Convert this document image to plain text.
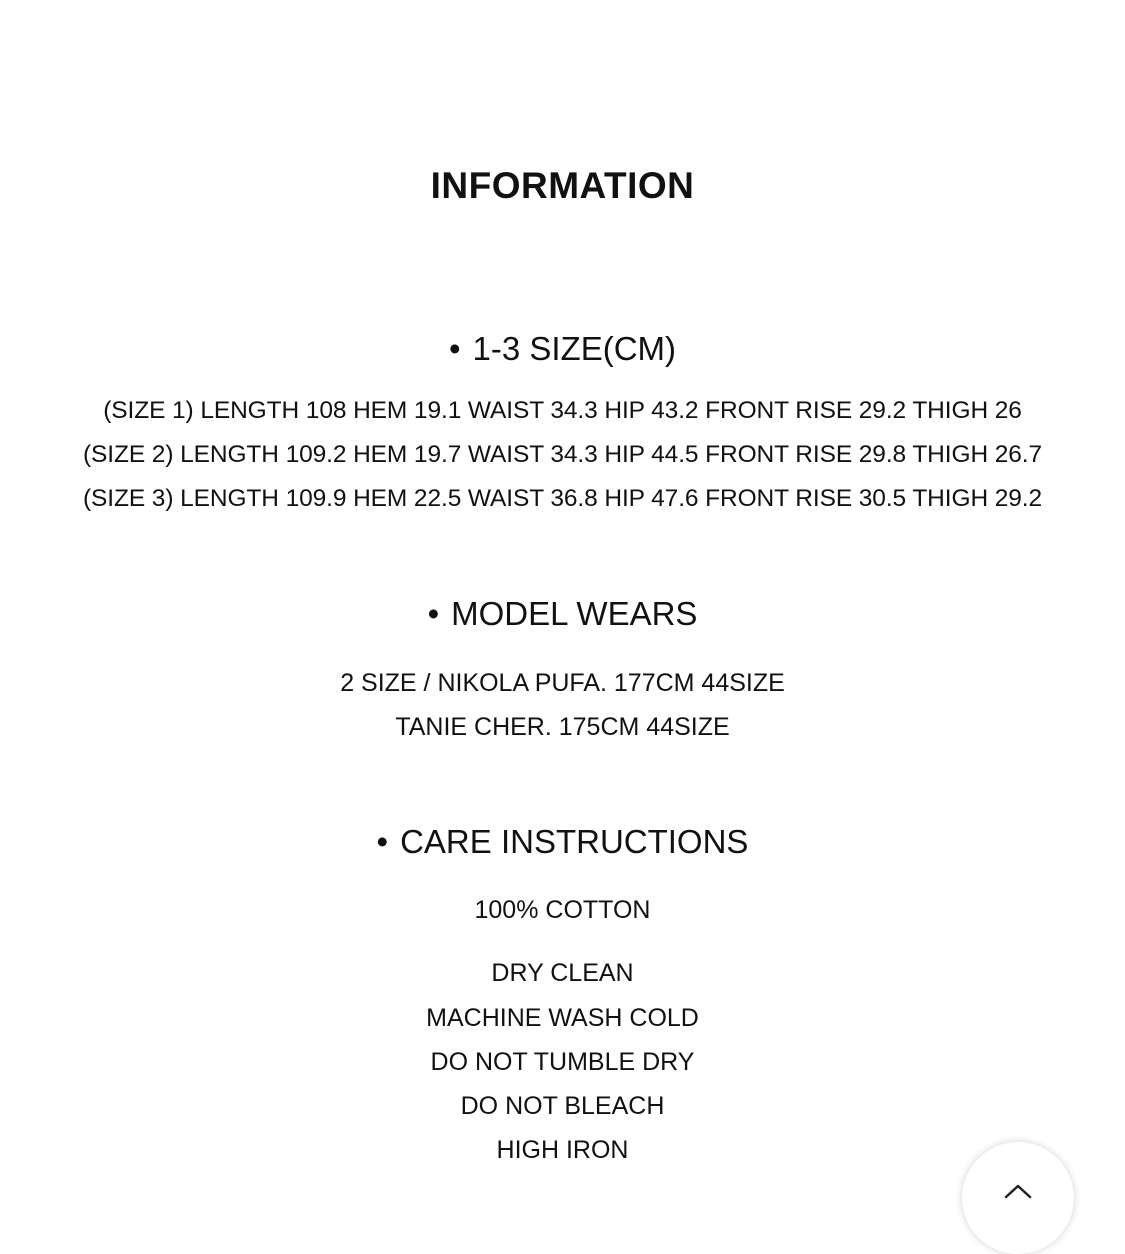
INFORMATION
• 1-3 SIZE(CM)

(SIZE 1) LENGTH 108 HEM 19.1 WAIST 34.3 HIP 43.2 FRONT RISE 29.2 THIGH 26

(SIZE 2) LENGTH 109.2 HEM 19.7 WAIST 34.3 HIP 44.5 FRONT RISE 29.8 THIGH 26.7

(SIZE 3) LENGTH 109.9 HEM 22.5 WAIST 36.8 HIP 47.6 FRONT RISE 30.5 THIGH 29.2

• MODEL WEARS

2 SIZE / NIKOLA PUFA. 177CM 44SIZE

TANIE CHER. 175CM 44SIZE

• CARE INSTRUCTIONS

100% COTTON

DRY CLEAN

MACHINE WASH COLD

DO NOT TUMBLE DRY

DO NOT BLEACH

HIGH IRON
